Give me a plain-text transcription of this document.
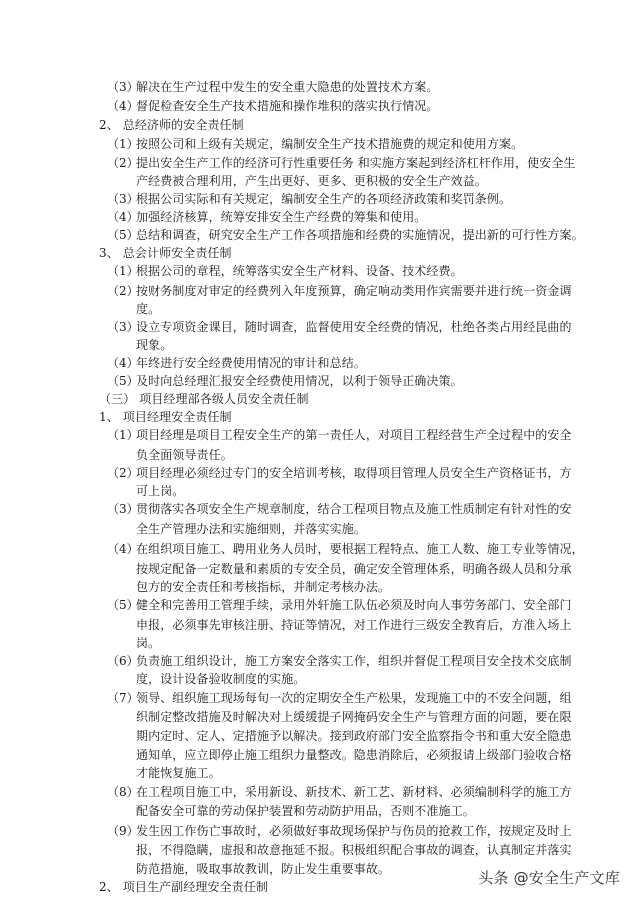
（3）
解决在生产过程中发生的安全重大隐患的处置技术方案。
（4）
督促检查安全生产技术措施和操作堆积的落实执行情况。
2、 总经济师的安全责任制
（1）
按照公司和上级有关规定，编制安全生产技术措施费的规定和使用方案。
（2）
提出安全生产工作的经济可行性重要任务 和实施方案起到经济杠杆作用，使安全生
产经费被合理利用，产生出更好、更多、更积极的安全生产效益。
（3）
根据公司实际和有关规定，编制安全生产的各项经济政策和奖罚条例。
（4）
加强经济核算，统筹安排安全生产经费的筹集和使用。
（5）
总结和调查，研究安全生产工作各项措施和经费的实施情况，提出新的可行性方案。
3、 总会计师安全责任制
（1）
根据公司的章程，统筹落实安全生产材料、设备、技术经费。
（2）
按财务制度对审定的经费列入年度预算，确定响动类用作宾需要并进行统一资金调
度。
（3）
设立专项资金课目，随时调查，监督使用安全经费的情况，杜绝各类占用经昆曲的
现象。
（4）
年终进行安全经费使用情况的审计和总结。
（5）
及时向总经理汇报安全经费使用情况，以利于领导正确决策。
（三） 项目经理部各级人员安全责任制
1、 项目经理安全责任制
（1）
项目经理是项目工程安全生产的第一责任人，对项目工程经营生产全过程中的安全
负全面领导责任。
（2）
项目经理必须经过专门的安全培训考核，取得项目管理人员安全生产资格证书，方
可上岗。
（3）
贯彻落实各项安全生产规章制度，结合工程项目物点及施工性质制定有针对性的安
全生产管理办法和实施细则，并落实实施。
（4）
在组织项目施工、聘用业务人员时，要根据工程特点、施工人数、施工专业等情况，
按规定配备一定数量和素质的专安全员，确定安全管理体系，明确各级人员和分承
包方的安全责任和考核指标，并制定考核办法。
（5）
健全和完善用工管理手续，录用外轩施工队伍必须及时向人事劳务部门、安全部门
申报，必须事先审核注册、持证等情况，对工作进行三级安全教育后，方准入场上
岗。
（6）
负责施工组织设计，施工方案安全落实工作，组织并督促工程项目安全技术交底制
度，设计设备验收制度的实施。
（7）
领导、组织施工现场每旬一次的定期安全生产松果，发现施工中的不安全问题，组
织制定整改措施及时解决对上缓缓提子网掩码安全生产与管理方面的问题，要在限
期内定时、定人、定措施予以解决。接到政府部门安全监察指令书和重大安全隐患
通知单，应立即停止施工组织力量整改。隐患消除后，必须报请上级部门验收合格
才能恢复施工。
（8）
在工程项目施工中，采用新设、新技术、新工艺、新材料、必须编制科学的施工方
配备安全可靠的劳动保护装置和劳动防护用品，否则不准施工。
（9）
发生因工作伤亡事故时，必须做好事故现场保护与伤员的抢救工作，按规定及时上
报，不得隐瞒，虚报和故意拖延不报。积极组织配合事故的调查，认真制定并落实
防范措施，吸取事故教训，防止发生重要事故。
2、 项目生产副经理安全责任制	头条 @安全生产文库
